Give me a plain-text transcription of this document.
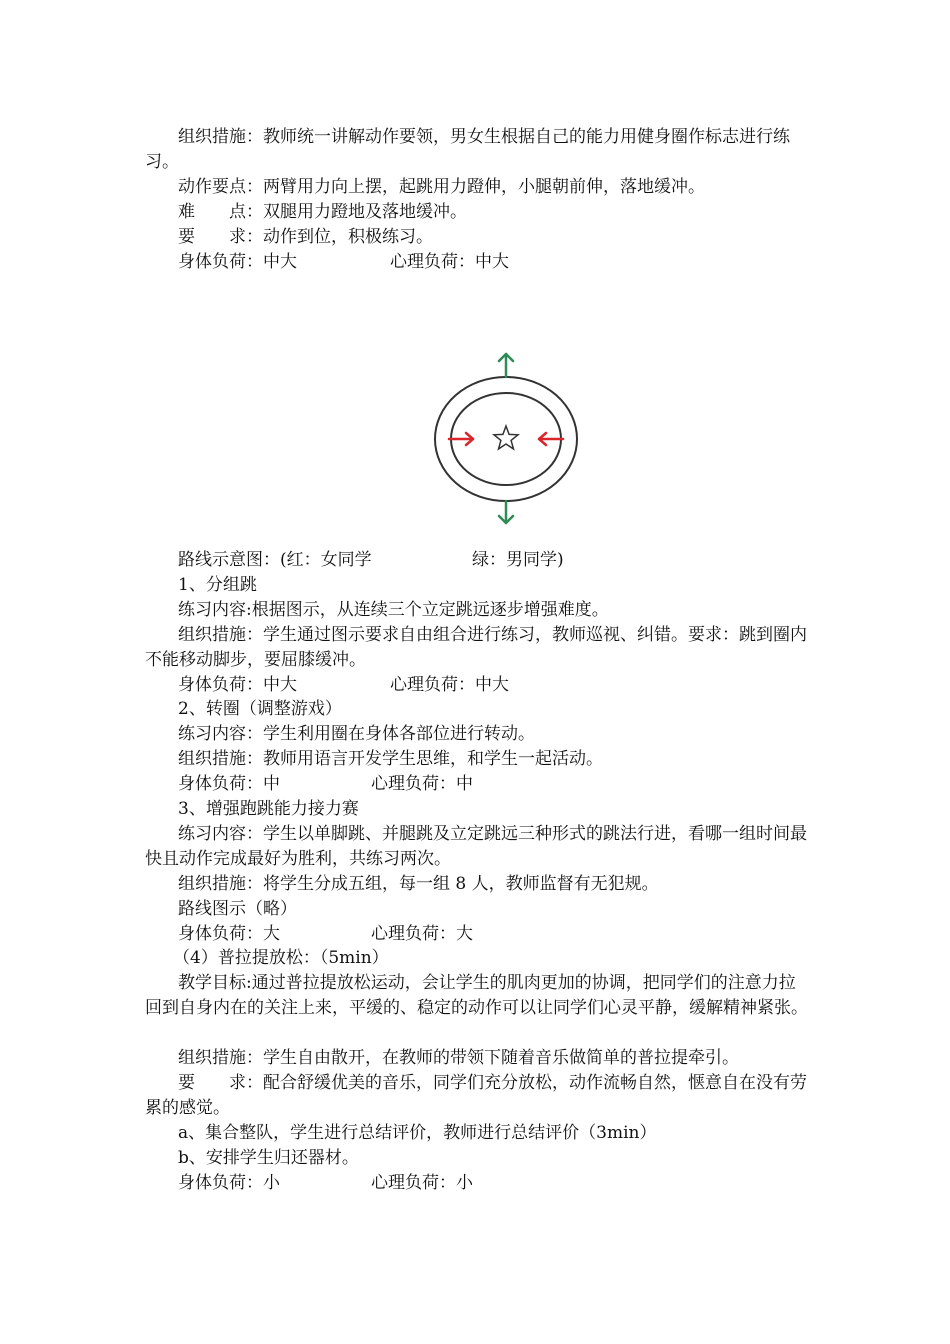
组织措施：教师统一讲解动作要领，男女生根据自己的能力用健身圈作标志进行练习。

动作要点：两臂用力向上摆，起跳用力蹬伸，小腿朝前伸，落地缓冲。

难　　点：双腿用力蹬地及落地缓冲。

要　　求：动作到位，积极练习。

身体负荷：中大	心理负荷：中大
路线示意图：(红：女同学	绿：男同学)

1、分组跳

练习内容:根据图示，从连续三个立定跳远逐步增强难度。

组织措施：学生通过图示要求自由组合进行练习，教师巡视、纠错。要求：跳到圈内不能移动脚步，要屈膝缓冲。

身体负荷：中大	心理负荷：中大

2、转圈（调整游戏）

练习内容：学生利用圈在身体各部位进行转动。

组织措施：教师用语言开发学生思维，和学生一起活动。

身体负荷：中	心理负荷：中

3、增强跑跳能力接力赛

练习内容：学生以单脚跳、并腿跳及立定跳远三种形式的跳法行进，看哪一组时间最快且动作完成最好为胜利，共练习两次。

组织措施：将学生分成五组，每一组 8 人，教师监督有无犯规。

路线图示（略）

身体负荷：大	心理负荷：大

（4）普拉提放松：（5min）

教学目标:通过普拉提放松运动，会让学生的肌肉更加的协调，把同学们的注意力拉回到自身内在的关注上来，平缓的、稳定的动作可以让同学们心灵平静，缓解精神紧张。

组织措施：学生自由散开，在教师的带领下随着音乐做简单的普拉提牵引。

要　　求：配合舒缓优美的音乐，同学们充分放松，动作流畅自然，惬意自在没有劳累的感觉。

a、集合整队，学生进行总结评价，教师进行总结评价（3min）

b、安排学生归还器材。

身体负荷：小	心理负荷：小
